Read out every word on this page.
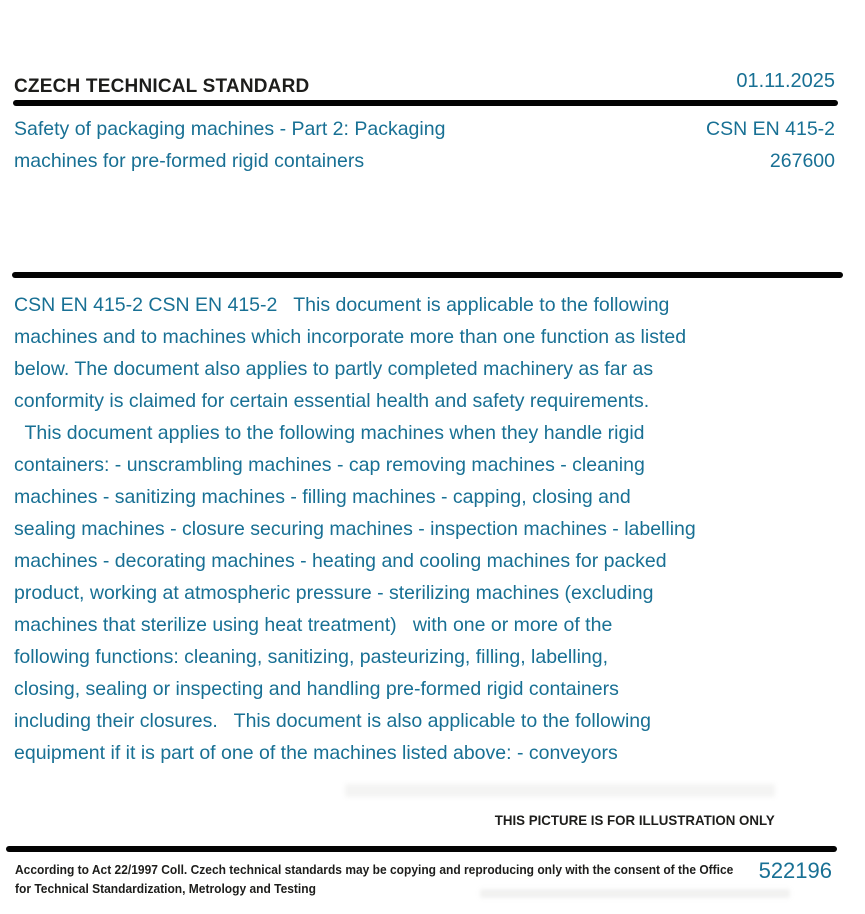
CZECH TECHNICAL STANDARD	01.11.2025
Safety of packaging machines - Part 2: Packaging
machines for pre-formed rigid containers
CSN EN 415-2
267600
CSN EN 415-2 CSN EN 415-2   This document is applicable to the following
machines and to machines which incorporate more than one function as listed
below. The document also applies to partly completed machinery as far as
conformity is claimed for certain essential health and safety requirements.
This document applies to the following machines when they handle rigid
containers: - unscrambling machines - cap removing machines - cleaning
machines - sanitizing machines - filling machines - capping, closing and
sealing machines - closure securing machines - inspection machines - labelling
machines - decorating machines - heating and cooling machines for packed
product, working at atmospheric pressure - sterilizing machines (excluding
machines that sterilize using heat treatment)   with one or more of the
following functions: cleaning, sanitizing, pasteurizing, filling, labelling,
closing, sealing or inspecting and handling pre-formed rigid containers
including their closures.   This document is also applicable to the following
equipment if it is part of one of the machines listed above: - conveyors
THIS PICTURE IS FOR ILLUSTRATION ONLY
According to Act 22/1997 Coll. Czech technical standards may be copying and reproducing only with the consent of the Office
for Technical Standardization, Metrology and Testing
522196
